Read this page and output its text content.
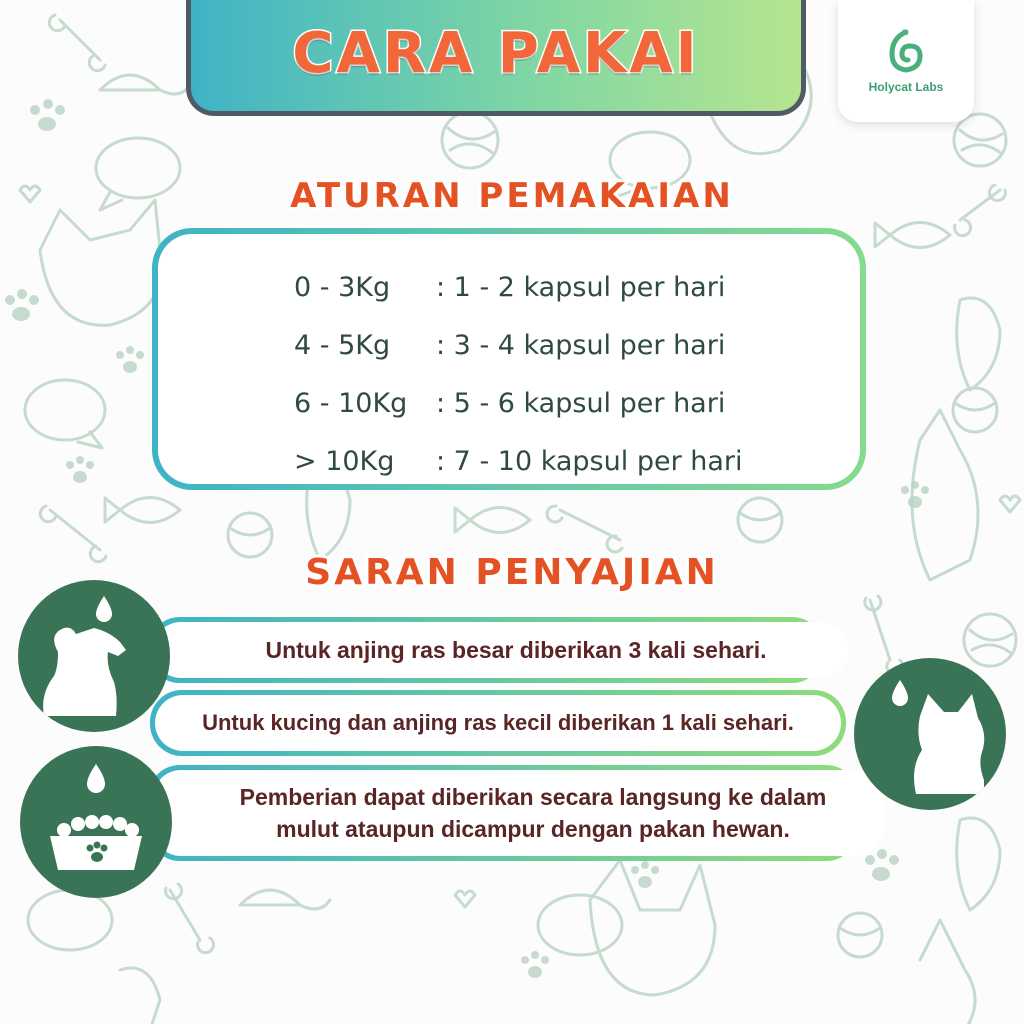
CARA PAKAI
Holycat Labs
ATURAN PEMAKAIAN
0 - 3Kg	: 1 - 2 kapsul per hari
4 - 5Kg	: 3 - 4 kapsul per hari
6 - 10Kg	: 5 - 6 kapsul per hari
> 10Kg	: 7 - 10 kapsul per hari
SARAN PENYAJIAN
Untuk anjing ras besar diberikan 3 kali sehari.
Untuk kucing dan anjing ras kecil diberikan 1 kali sehari.
Pemberian dapat diberikan secara langsung ke dalam
mulut ataupun dicampur dengan pakan hewan.
